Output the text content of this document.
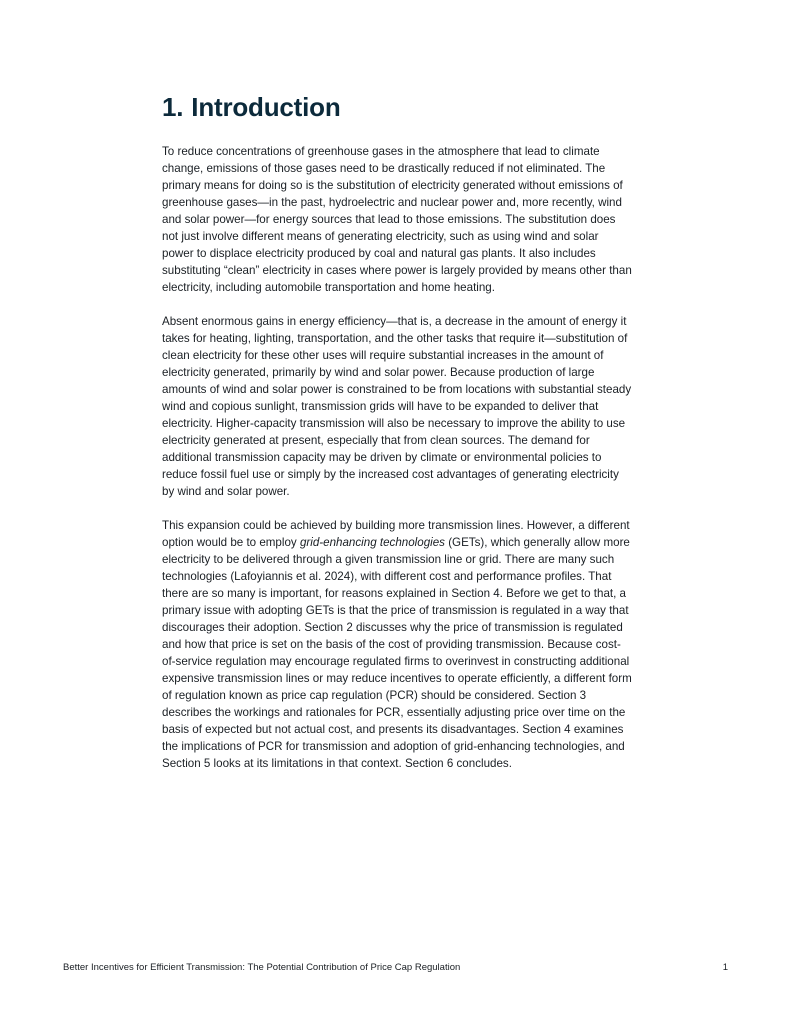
1. Introduction

To reduce concentrations of greenhouse gases in the atmosphere that lead to climate change, emissions of those gases need to be drastically reduced if not eliminated. The primary means for doing so is the substitution of electricity generated without emissions of greenhouse gases—in the past, hydroelectric and nuclear power and, more recently, wind and solar power—for energy sources that lead to those emissions. The substitution does not just involve different means of generating electricity, such as using wind and solar power to displace electricity produced by coal and natural gas plants. It also includes substituting “clean” electricity in cases where power is largely provided by means other than electricity, including automobile transportation and home heating.

Absent enormous gains in energy efficiency—that is, a decrease in the amount of energy it takes for heating, lighting, transportation, and the other tasks that require it—substitution of clean electricity for these other uses will require substantial increases in the amount of electricity generated, primarily by wind and solar power. Because production of large amounts of wind and solar power is constrained to be from locations with substantial steady wind and copious sunlight, transmission grids will have to be expanded to deliver that electricity. Higher-capacity transmission will also be necessary to improve the ability to use electricity generated at present, especially that from clean sources. The demand for additional transmission capacity may be driven by climate or environmental policies to reduce fossil fuel use or simply by the increased cost advantages of generating electricity by wind and solar power.

This expansion could be achieved by building more transmission lines. However, a different option would be to employ grid-enhancing technologies (GETs), which generally allow more electricity to be delivered through a given transmission line or grid. There are many such technologies (Lafoyiannis et al. 2024), with different cost and performance profiles. That there are so many is important, for reasons explained in Section 4. Before we get to that, a primary issue with adopting GETs is that the price of transmission is regulated in a way that discourages their adoption. Section 2 discusses why the price of transmission is regulated and how that price is set on the basis of the cost of providing transmission. Because cost-of-service regulation may encourage regulated firms to overinvest in constructing additional expensive transmission lines or may reduce incentives to operate efficiently, a different form of regulation known as price cap regulation (PCR) should be considered. Section 3 describes the workings and rationales for PCR, essentially adjusting price over time on the basis of expected but not actual cost, and presents its disadvantages. Section 4 examines the implications of PCR for transmission and adoption of grid-enhancing technologies, and Section 5 looks at its limitations in that context. Section 6 concludes.

Better Incentives for Efficient Transmission: The Potential Contribution of Price Cap Regulation	1
